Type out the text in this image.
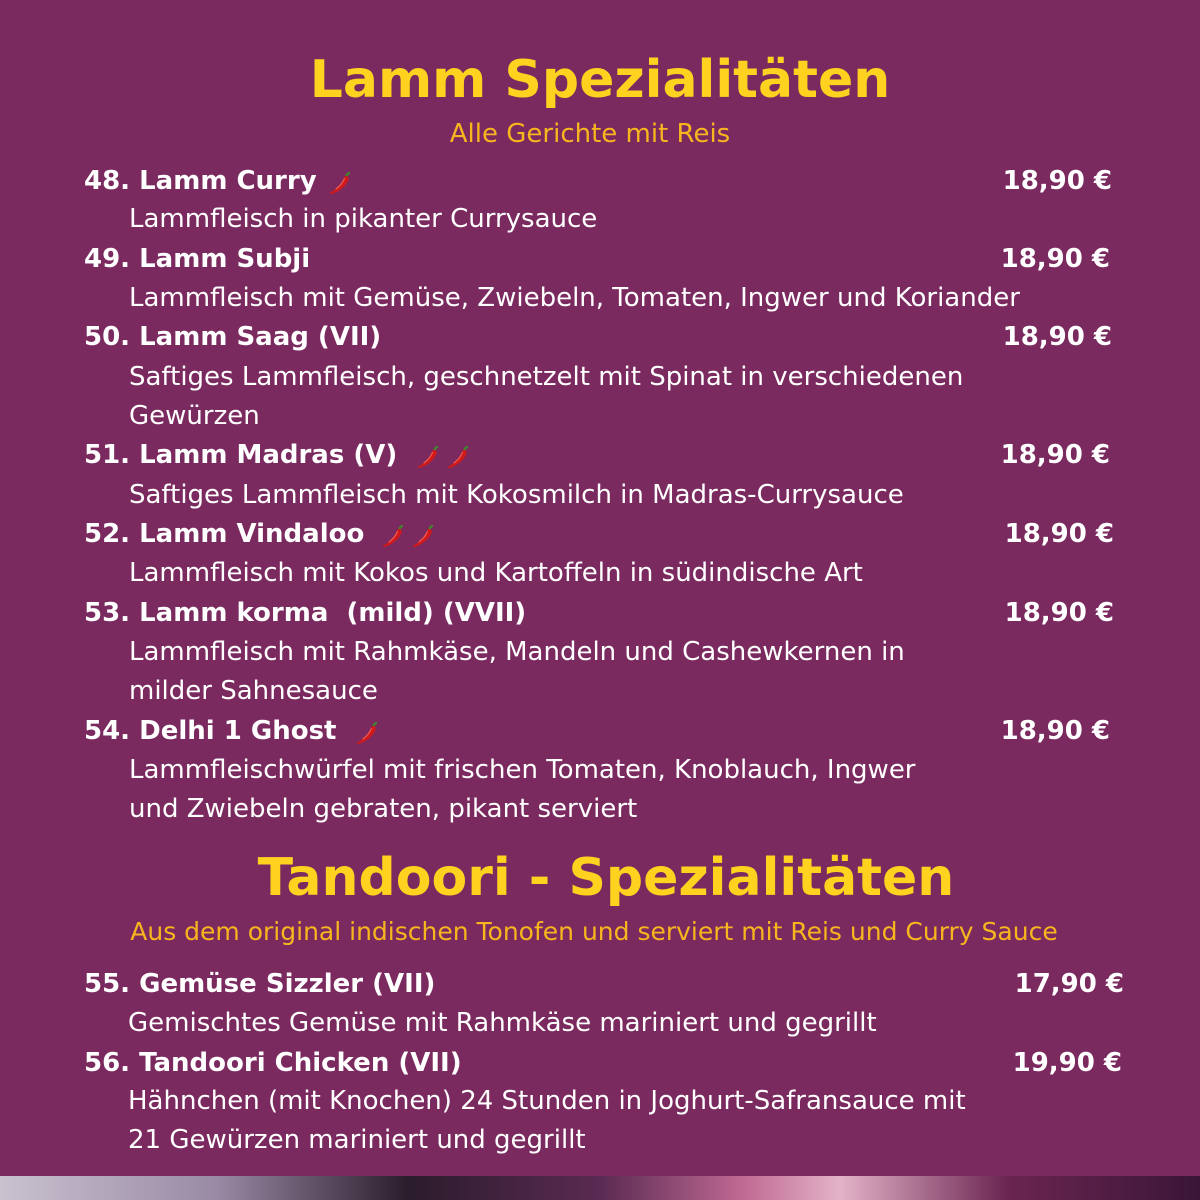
Lamm Spezialitäten
Alle Gerichte mit Reis
48. Lamm Curry	18,90 €
Lammfleisch in pikanter Currysauce
49. Lamm Subji	18,90 €
Lammfleisch mit Gemüse, Zwiebeln, Tomaten, Ingwer und Koriander
50. Lamm Saag (VII)	18,90 €
Saftiges Lammfleisch, geschnetzelt mit Spinat in verschiedenen
Gewürzen
51. Lamm Madras (V)	18,90 €
Saftiges Lammfleisch mit Kokosmilch in Madras-Currysauce
52. Lamm Vindaloo	18,90 €
Lammfleisch mit Kokos und Kartoffeln in südindische Art
53. Lamm korma  (mild) (VVII)	18,90 €
Lammfleisch mit Rahmkäse, Mandeln und Cashewkernen in
milder Sahnesauce
54. Delhi 1 Ghost	18,90 €
Lammfleischwürfel mit frischen Tomaten, Knoblauch, Ingwer
und Zwiebeln gebraten, pikant serviert
Tandoori - Spezialitäten
Aus dem original indischen Tonofen und serviert mit Reis und Curry Sauce
55. Gemüse Sizzler (VII)	17,90 €
Gemischtes Gemüse mit Rahmkäse mariniert und gegrillt
56. Tandoori Chicken (VII)	19,90 €
Hähnchen (mit Knochen) 24 Stunden in Joghurt-Safransauce mit
21 Gewürzen mariniert und gegrillt
